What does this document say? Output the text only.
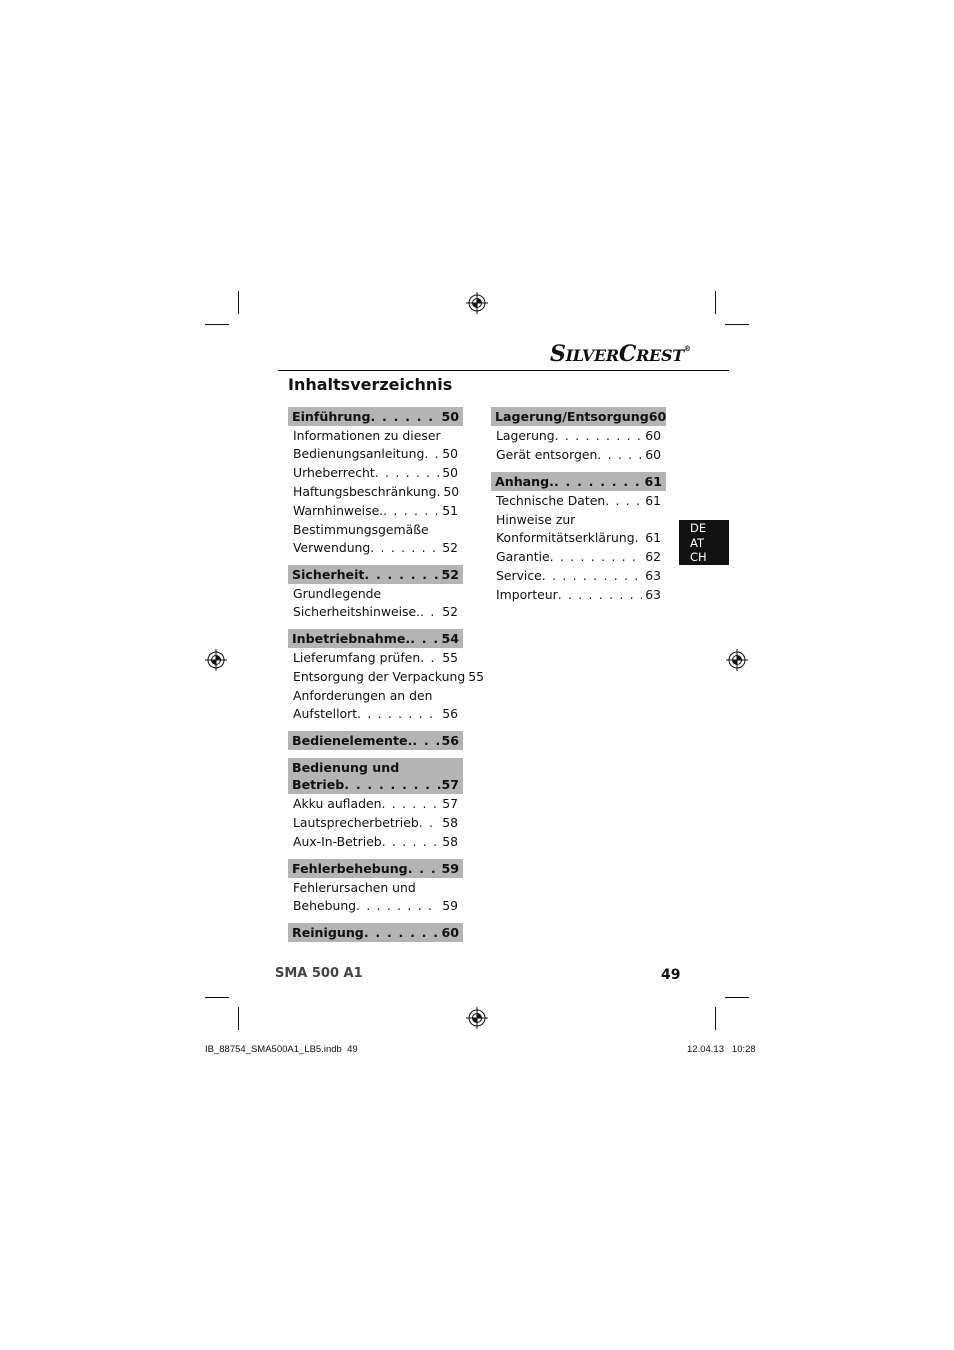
SILVERCREST®
Inhaltsverzeichnis
Einführung . . .	50
Informationen zu dieser
Bedienungsanleitung . . . 50
Urheberrecht . . .	50
Haftungsbeschränkung. 50
Warnhinweise. . . .	51
Bestimmungsgemäße
Verwendung . . .	52
Sicherheit . . .	52
Grundlegende
Sicherheitshinweise. . . . 52
Inbetriebnahme. . . . 54
Lieferumfang prüfen . . . 55
Entsorgung der Verpackung 55
Anforderungen an den
Aufstellort . . .	56
Bedienelemente. . . . 56
Bedienung und
Betrieb . . .	57
Akku aufladen . . .	57
Lautsprecherbetrieb . . . 58
Aux-In-Betrieb . . .	58
Fehlerbehebung . . .	59
Fehlerursachen und
Behebung . . .	59
Reinigung . . .	60
Lagerung/Entsorgung 60
Lagerung . . .	60
Gerät entsorgen . . .	60
Anhang. . . .	61
Technische Daten . . .	61
Hinweise zur
Konformitätserklärung . . . 61
Garantie . . .	62
Service . . .	63
Importeur . . .	63
DE
AT
CH
SMA 500 A1	49
IB_88754_SMA500A1_LB5.indb 49	12.04.13 10:28
